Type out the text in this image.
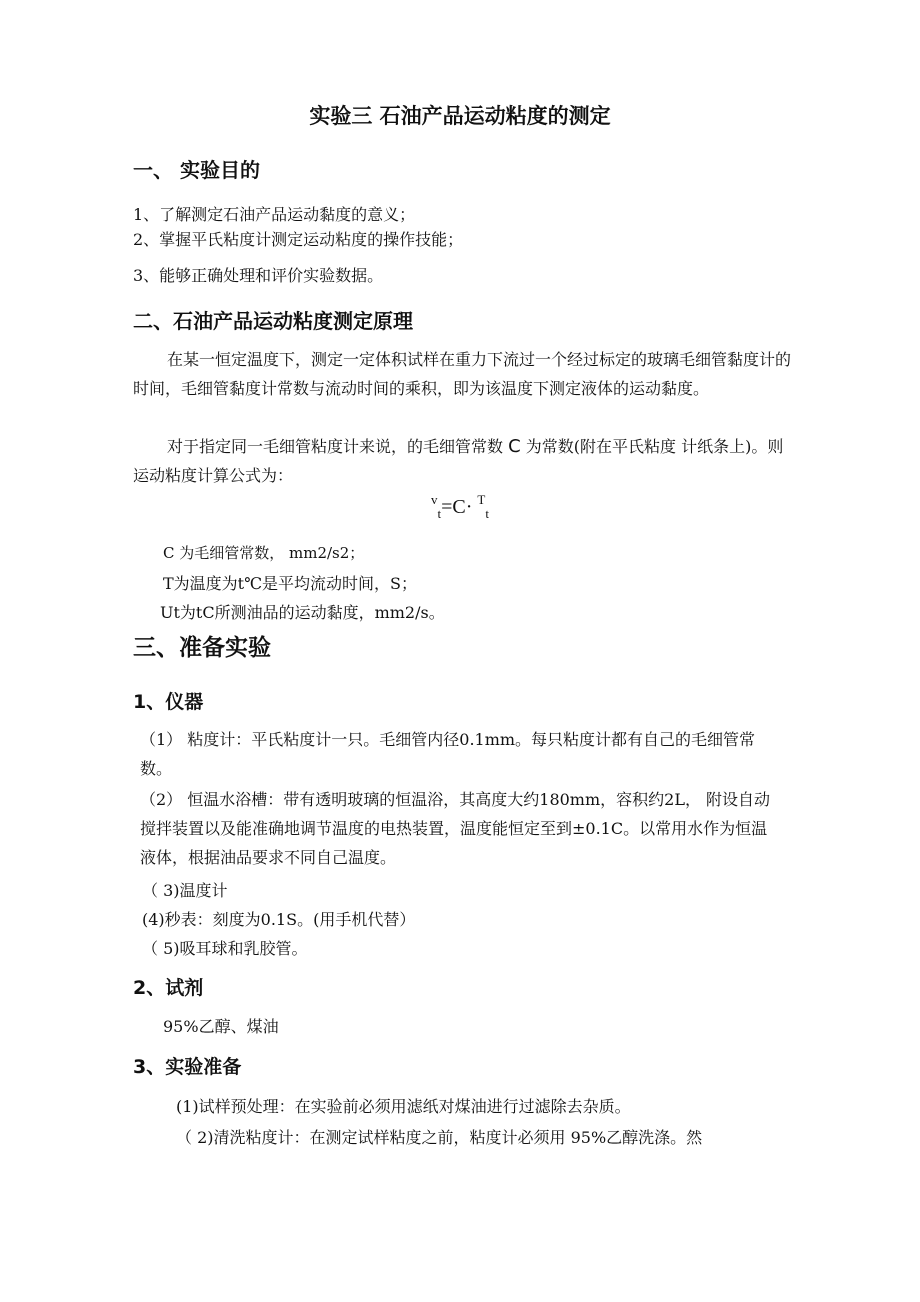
实验三 石油产品运动粘度的测定
一、 实验目的
1、了解测定石油产品运动黏度的意义；
2、掌握平氏粘度计测定运动粘度的操作技能；
3、能够正确处理和评价实验数据。
二、石油产品运动粘度测定原理
在某一恒定温度下，测定一定体积试样在重力下流过一个经过标定的玻璃毛细管黏度计的时间，毛细管黏度计常数与流动时间的乘积，即为该温度下测定液体的运动黏度。
对于指定同一毛细管粘度计来说，的毛细管常数 C 为常数(附在平氏粘度 计纸条上)。则运动粘度计算公式为：
$^v_t$=C· $^T_t$
C 为毛细管常数， mm2/s2；
T为温度为t℃是平均流动时间，S；
Ut为tC所测油品的运动黏度，mm2/s。
三、准备实验
1、仪器
（1） 粘度计：平氏粘度计一只。毛细管内径0.1mm。每只粘度计都有自己的毛细管常数。
（2） 恒温水浴槽：带有透明玻璃的恒温浴，其高度大约180mm，容积约2L， 附设自动搅拌装置以及能准确地调节温度的电热装置，温度能恒定至到±0.1C。以常用水作为恒温液体，根据油品要求不同自己温度。
（ 3)温度计
(4)秒表：刻度为0.1S。(用手机代替）
（ 5)吸耳球和乳胶管。
2、试剂
95%乙醇、煤油
3、实验准备
(1)试样预处理：在实验前必须用滤纸对煤油进行过滤除去杂质。
（ 2)清洗粘度计：在测定试样粘度之前，粘度计必须用 95%乙醇洗涤。然
